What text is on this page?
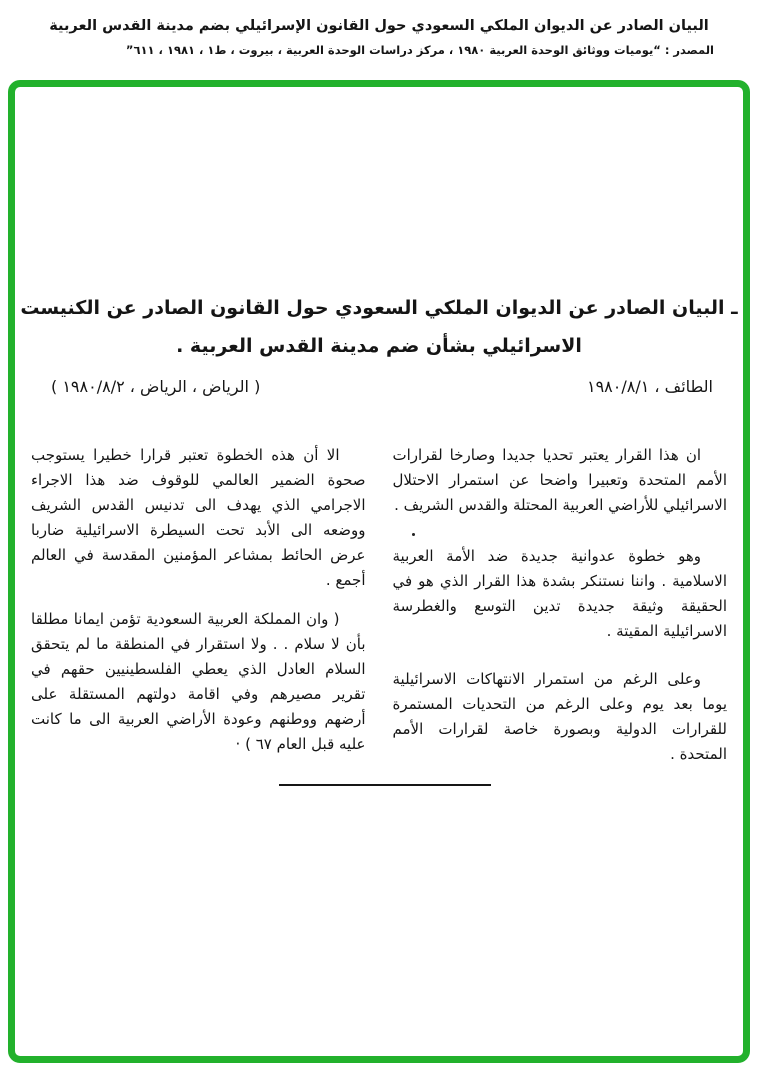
البيان الصادر عن الديوان الملكي السعودي حول القانون الإسرائيلي بضم مدينة القدس العربية
المصدر : “يوميات ووثائق الوحدة العربية ١٩٨٠ ، مركز دراسات الوحدة العربية ، بيروت ، ط١ ، ١٩٨١ ، ٦١١”
ـ البيان الصادر عن الديوان الملكي السعودي حول القانون الصادر عن الكنيست
الاسرائيلي بشأن ضم مدينة القدس العربية .
الطائف ، ١٩٨٠/٨/١
( الرياض ، الرياض ، ١٩٨٠/٨/٢ )

ان هذا القرار يعتبر تحديا جديدا وصارخا لقرارات الأمم المتحدة وتعبيرا واضحا عن استمرار الاحتلال الاسرائيلي للأراضي العربية المحتلة والقدس الشريف .

وهو خطوة عدوانية جديدة ضد الأمة العربية الاسلامية . واننا نستنكر بشدة هذا القرار الذي هو في الحقيقة وثيقة جديدة تدين التوسع والغطرسة الاسرائيلية المقيتة .

وعلى الرغم من استمرار الانتهاكات الاسرائيلية يوما بعد يوم وعلى الرغم من التحديات المستمرة للقرارات الدولية وبصورة خاصة لقرارات الأمم المتحدة .

الا أن هذه الخطوة تعتبر قرارا خطيرا يستوجب صحوة الضمير العالمي للوقوف ضد هذا الاجراء الاجرامي الذي يهدف الى تدنيس القدس الشريف ووضعه الى الأبد تحت السيطرة الاسرائيلية ضاربا عرض الحائط بمشاعر المؤمنين المقدسة في العالم أجمع .

( وان المملكة العربية السعودية تؤمن ايمانا مطلقا بأن لا سلام . . ولا استقرار في المنطقة ما لم يتحقق السلام العادل الذي يعطي الفلسطينيين حقهم في تقرير مصيرهم وفي اقامة دولتهم المستقلة على أرضهم ووطنهم وعودة الأراضي العربية الى ما كانت عليه قبل العام ٦٧ ) ·
